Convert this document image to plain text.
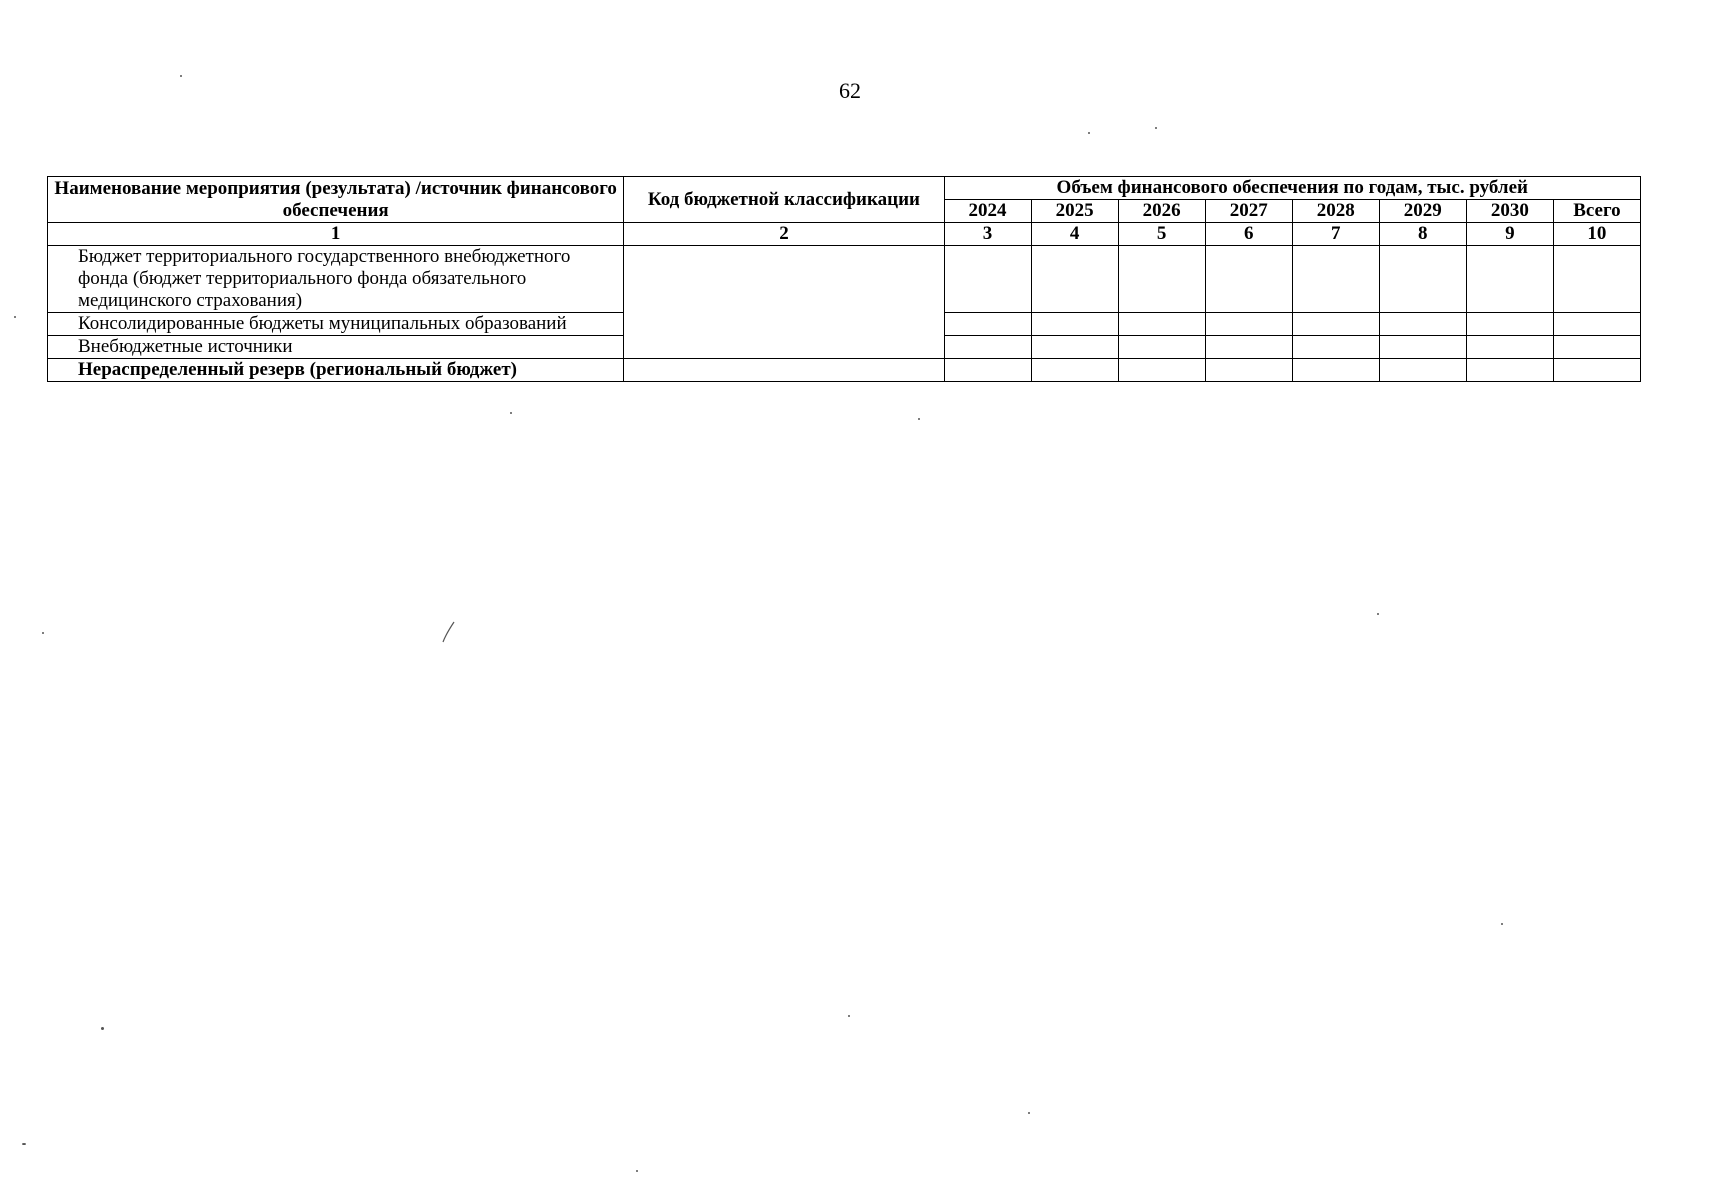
62
Наименование мероприятия (результата) /источник финансового обеспечения	Код бюджетной классификации	Объем финансового обеспечения по годам, тыс. рублей							
		2024	2025	2026	2027	2028	2029	2030	Всего
1	2	3	4	5	6	7	8	9	10
Бюджет территориального государственного внебюджетного фонда (бюджет территориального фонда обязательного медицинского страхования)									
Консолидированные бюджеты муниципальных образований									
Внебюджетные источники									
Нераспределенный резерв (региональный бюджет)									
